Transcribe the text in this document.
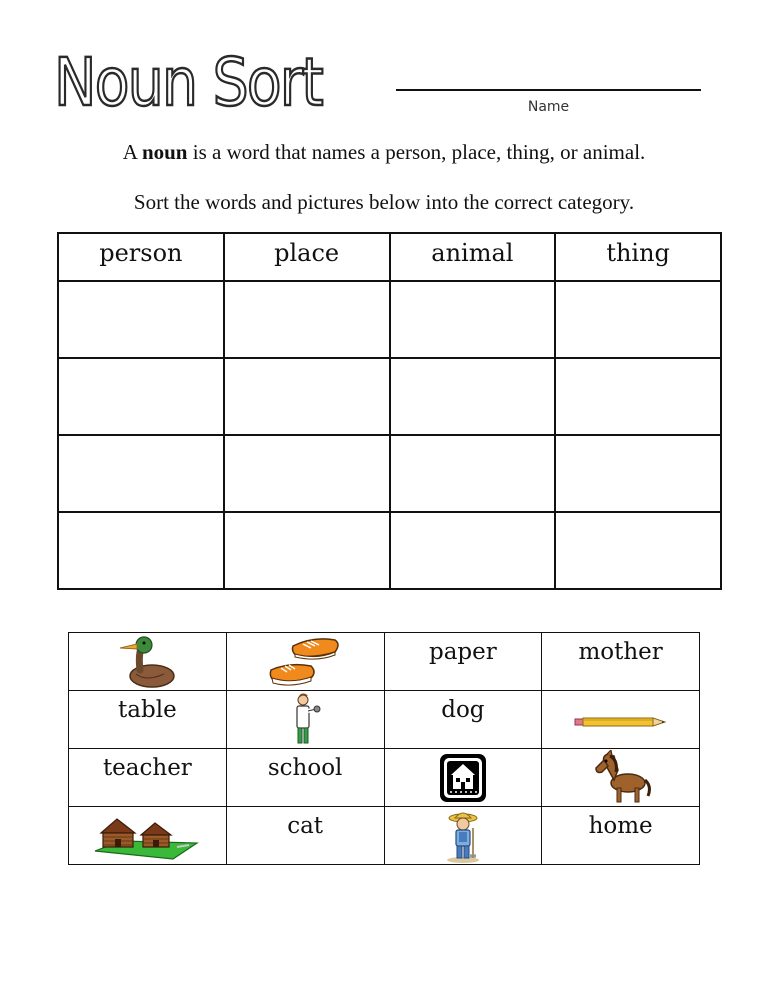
Noun Sort	Name
A noun is a word that names a person, place, thing, or animal.
Sort the words and pictures below into the correct category.
person	place	animal	thing

		paper	mother
table		dog	
teacher	school		
	cat		home
